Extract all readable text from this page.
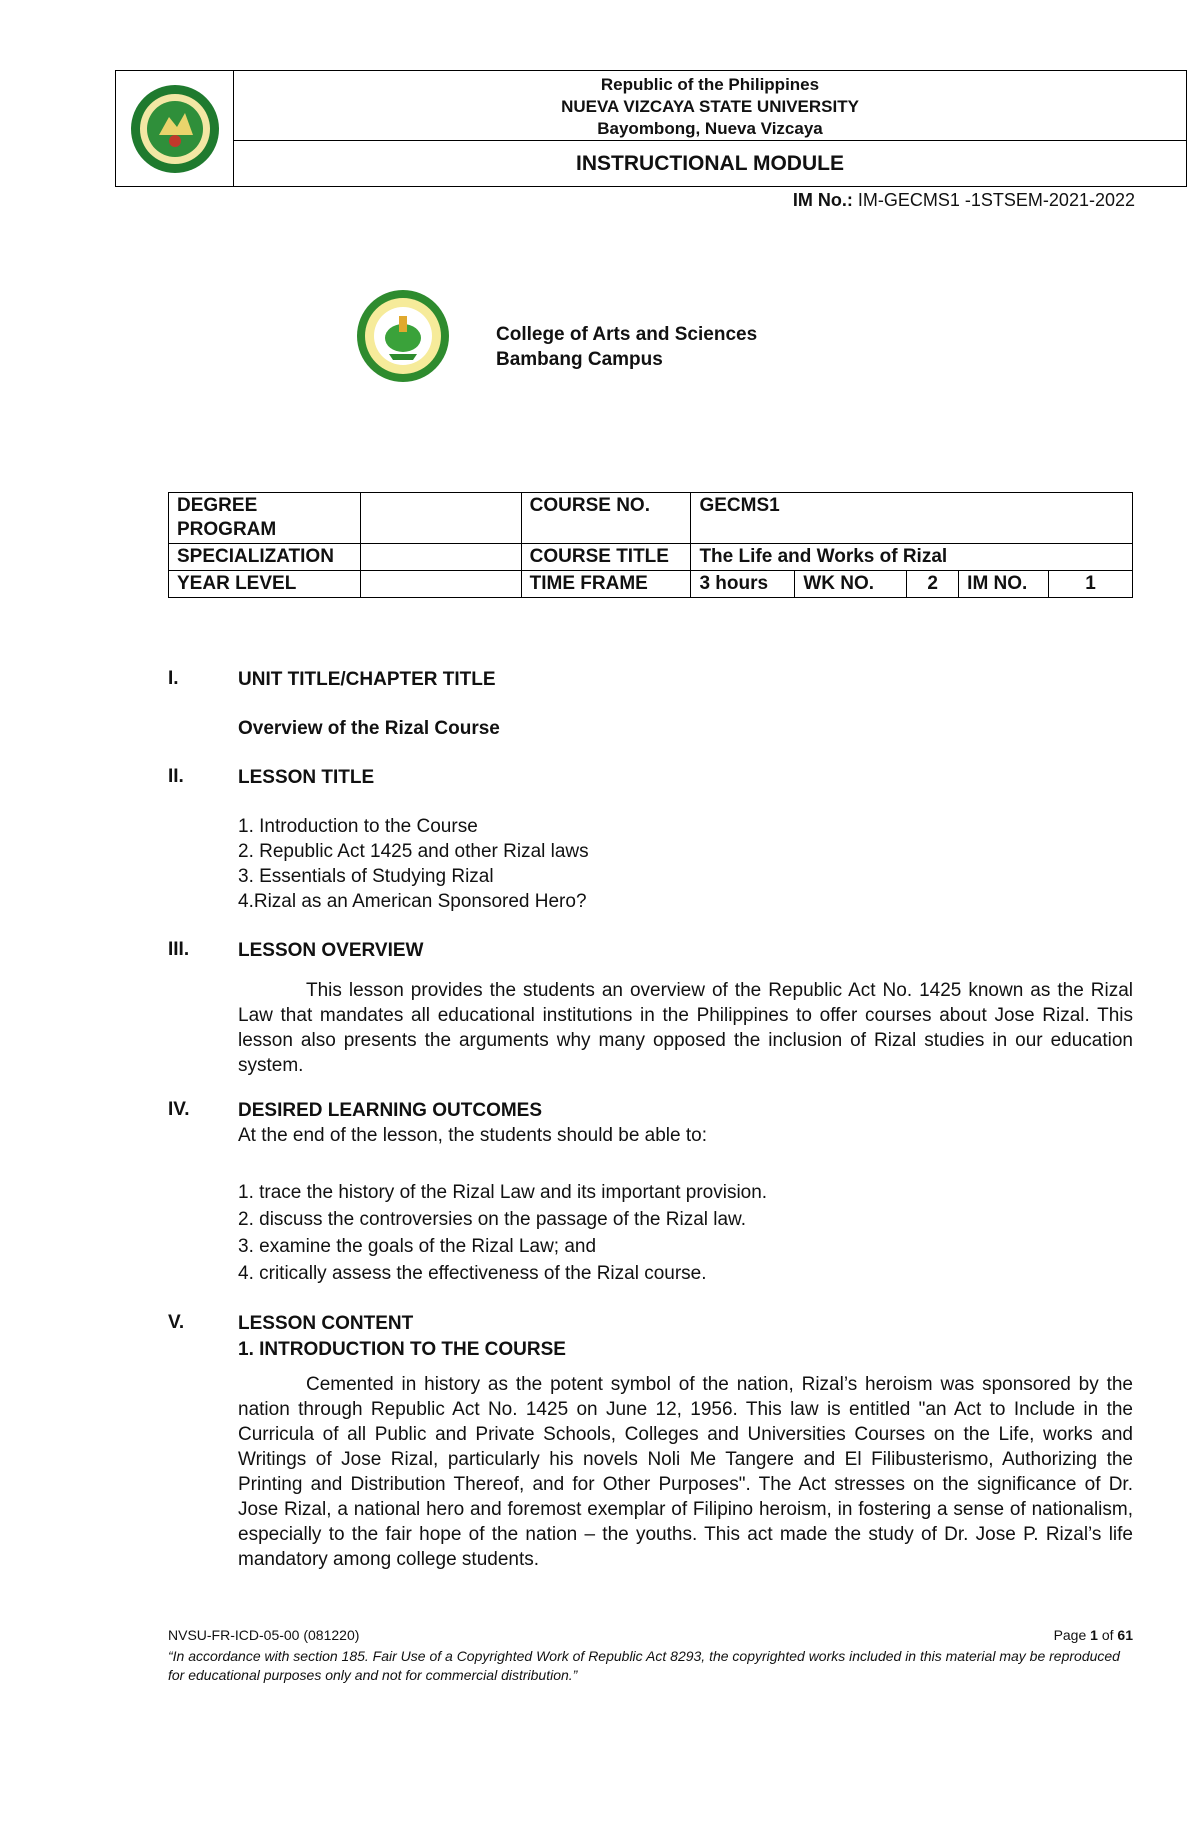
Republic of the Philippines
NUEVA VIZCAYA STATE UNIVERSITY
Bayombong, Nueva Vizcaya
INSTRUCTIONAL MODULE
IM No.: IM-GECMS1 -1STSEM-2021-2022
College of Arts and Sciences
Bambang Campus
DEGREE PROGRAM		COURSE NO.	GECMS1				
SPECIALIZATION		COURSE TITLE	The Life and Works of Rizal				
YEAR LEVEL		TIME FRAME	3 hours	WK NO.	2	IM NO.	1
I.	UNIT TITLE/CHAPTER TITLE
Overview of the Rizal Course
II.	LESSON TITLE
1. Introduction to the Course
2. Republic Act 1425 and other Rizal laws
3. Essentials of Studying Rizal
4.Rizal as an American Sponsored Hero?
III.	LESSON OVERVIEW
This lesson provides the students an overview of the Republic Act No. 1425 known as the Rizal Law that mandates all educational institutions in the Philippines to offer courses about Jose Rizal. This lesson also presents the arguments why many opposed the inclusion of Rizal studies in our education system.
IV.	DESIRED LEARNING OUTCOMES
At the end of the lesson, the students should be able to:
1. trace the history of the Rizal Law and its important provision.
2. discuss the controversies on the passage of the Rizal law.
3. examine the goals of the Rizal Law; and
4. critically assess the effectiveness of the Rizal course.
V.	LESSON CONTENT
1. INTRODUCTION TO THE COURSE
Cemented in history as the potent symbol of the nation, Rizal’s heroism was sponsored by the nation through Republic Act No. 1425 on June 12, 1956. This law is entitled "an Act to Include in the Curricula of all Public and Private Schools, Colleges and Universities Courses on the Life, works and Writings of Jose Rizal, particularly his novels Noli Me Tangere and El Filibusterismo, Authorizing the Printing and Distribution Thereof, and for Other Purposes". The Act stresses on the significance of Dr. Jose Rizal, a national hero and foremost exemplar of Filipino heroism, in fostering a sense of nationalism, especially to the fair hope of the nation – the youths. This act made the study of Dr. Jose P. Rizal’s life mandatory among college students.
NVSU-FR-ICD-05-00 (081220)	Page 1 of 61
“In accordance with section 185. Fair Use of a Copyrighted Work of Republic Act 8293, the copyrighted works included in this material may be reproduced for educational purposes only and not for commercial distribution.”
